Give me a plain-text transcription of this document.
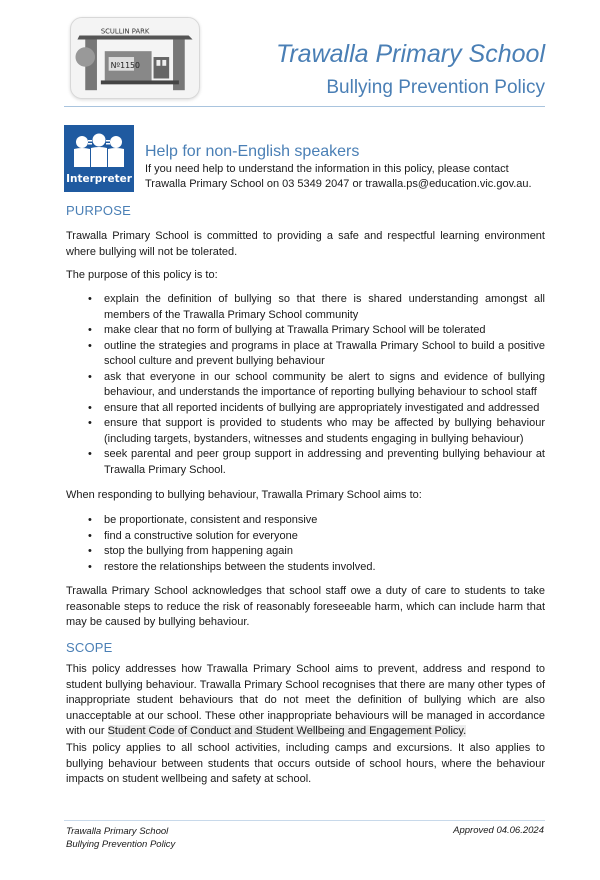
SCULLIN PARK
Nº1150	Trawalla Primary School
Bullying Prevention Policy
Interpreter
Help for non-English speakers
If you need help to understand the information in this policy, please contact
Trawalla Primary School on 03 5349 2047 or trawalla.ps@education.vic.gov.au.
PURPOSE

Trawalla Primary School is committed to providing a safe and respectful learning environment where bullying will not be tolerated.

The purpose of this policy is to:

• explain the definition of bullying so that there is shared understanding amongst all members of the Trawalla Primary School community
• make clear that no form of bullying at Trawalla Primary School will be tolerated
• outline the strategies and programs in place at Trawalla Primary School to build a positive school culture and prevent bullying behaviour
• ask that everyone in our school community be alert to signs and evidence of bullying behaviour, and understands the importance of reporting bullying behaviour to school staff
• ensure that all reported incidents of bullying are appropriately investigated and addressed
• ensure that support is provided to students who may be affected by bullying behaviour (including targets, bystanders, witnesses and students engaging in bullying behaviour)
• seek parental and peer group support in addressing and preventing bullying behaviour at Trawalla Primary School.

When responding to bullying behaviour, Trawalla Primary School aims to:

• be proportionate, consistent and responsive
• find a constructive solution for everyone
• stop the bullying from happening again
• restore the relationships between the students involved.

Trawalla Primary School acknowledges that school staff owe a duty of care to students to take reasonable steps to reduce the risk of reasonably foreseeable harm, which can include harm that may be caused by bullying behaviour.

SCOPE

This policy addresses how Trawalla Primary School aims to prevent, address and respond to student bullying behaviour. Trawalla Primary School recognises that there are many other types of inappropriate student behaviours that do not meet the definition of bullying which are also unacceptable at our school. These other inappropriate behaviours will be managed in accordance with our Student Code of Conduct and Student Wellbeing and Engagement Policy.

This policy applies to all school activities, including camps and excursions. It also applies to bullying behaviour between students that occurs outside of school hours, where the behaviour impacts on student wellbeing and safety at school.

Trawalla Primary School
Bullying Prevention Policy
Approved 04.06.2024
